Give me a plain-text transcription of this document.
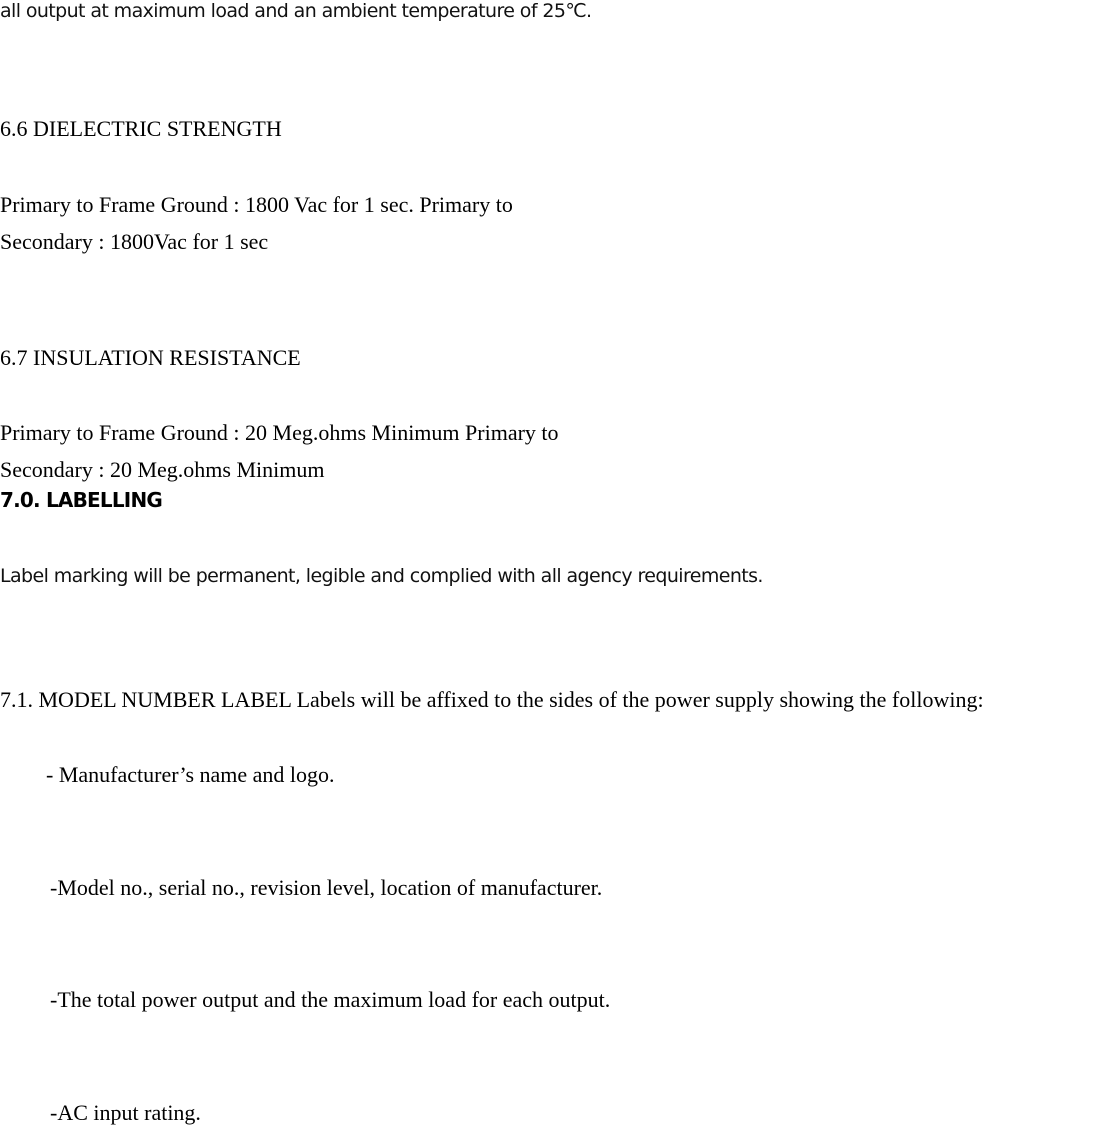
all output at maximum load and an ambient temperature of 25℃.
6.6 DIELECTRIC STRENGTH
Primary to Frame Ground : 1800 Vac for 1 sec. Primary to
Secondary : 1800Vac for 1 sec
6.7 INSULATION RESISTANCE
Primary to Frame Ground : 20 Meg.ohms Minimum Primary to
Secondary : 20 Meg.ohms Minimum
7.0. LABELLING
Label marking will be permanent, legible and complied with all agency requirements.
7.1. MODEL NUMBER LABEL Labels will be affixed to the sides of the power supply showing the following:
- Manufacturer’s name and logo.
-Model no., serial no., revision level, location of manufacturer.
-The total power output and the maximum load for each output.
-AC input rating.
